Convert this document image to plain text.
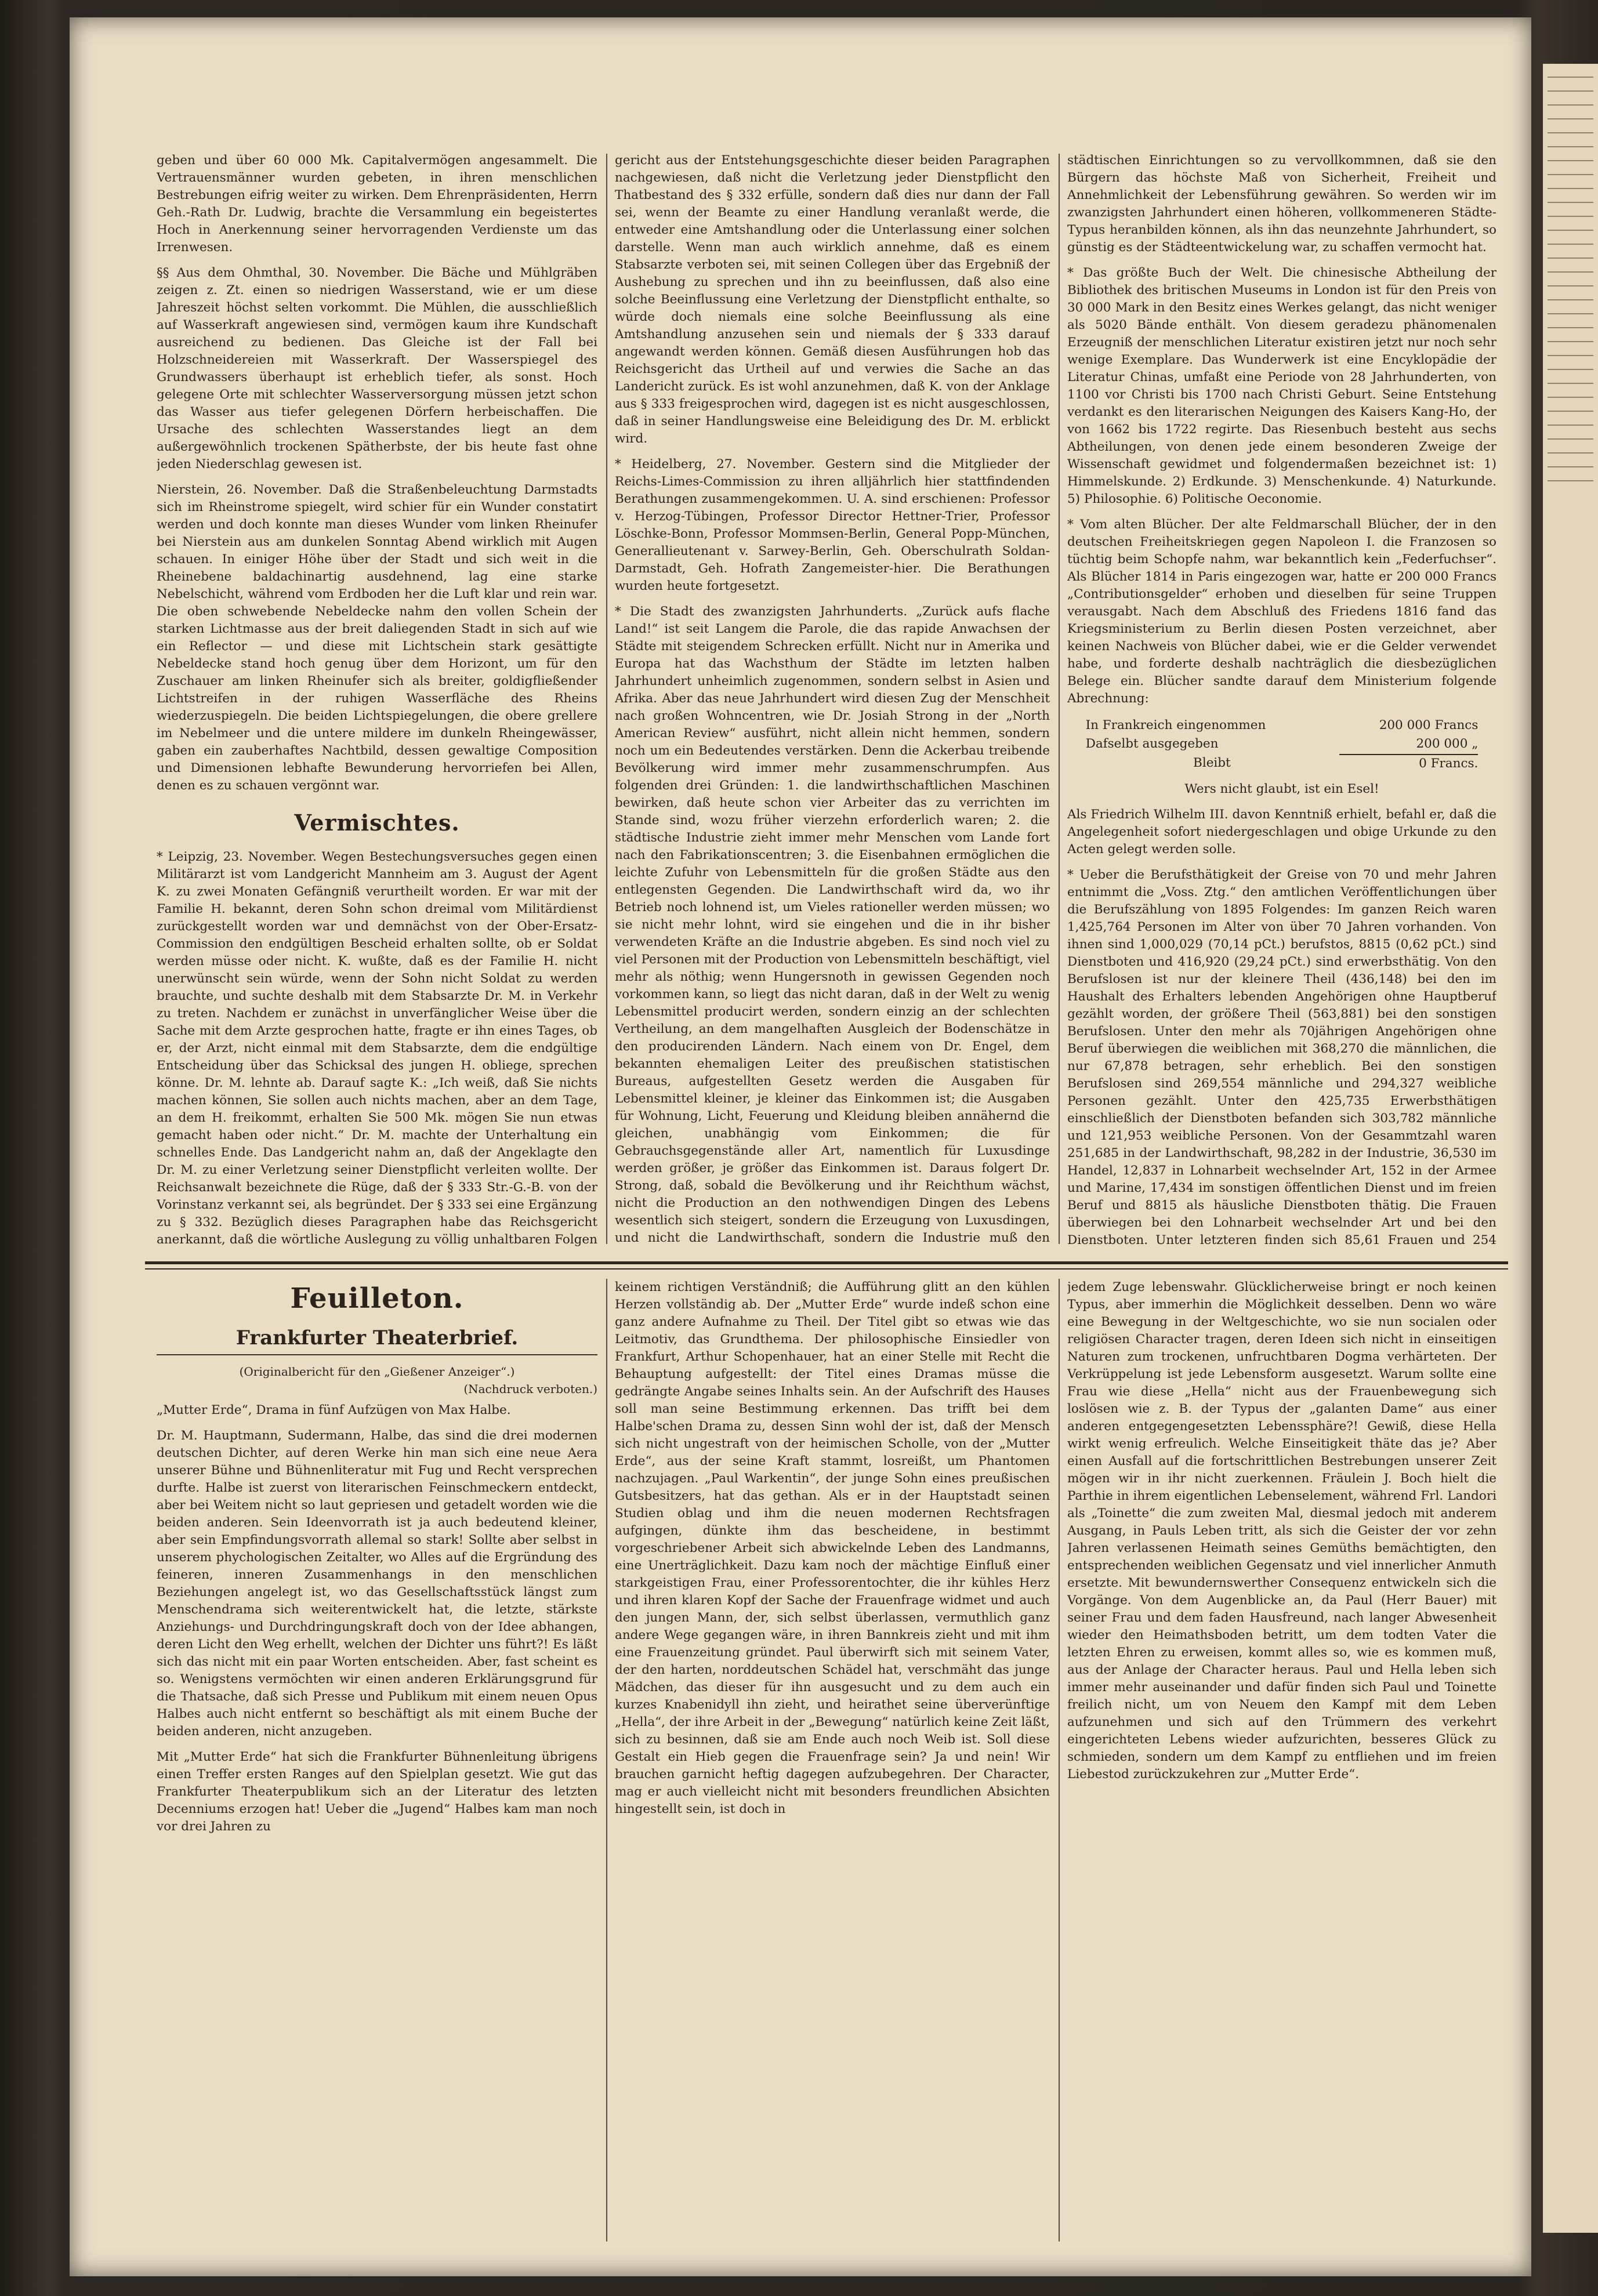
geben und über 60 000 Mk. Capitalvermögen angesammelt. Die Vertrauensmänner wurden gebeten, in ihren menschlichen Bestrebungen eifrig weiter zu wirken. Dem Ehrenpräsidenten, Herrn Geh.-Rath Dr. Ludwig, brachte die Versammlung ein begeistertes Hoch in Anerkennung seiner hervorragenden Verdienste um das Irrenwesen.

§§ Aus dem Ohmthal, 30. November. Die Bäche und Mühlgräben zeigen z. Zt. einen so niedrigen Wasserstand, wie er um diese Jahreszeit höchst selten vorkommt. Die Mühlen, die ausschließlich auf Wasserkraft angewiesen sind, vermögen kaum ihre Kundschaft ausreichend zu bedienen. Das Gleiche ist der Fall bei Holzschneidereien mit Wasserkraft. Der Wasserspiegel des Grundwassers überhaupt ist erheblich tiefer, als sonst. Hoch gelegene Orte mit schlechter Wasserversorgung müssen jetzt schon das Wasser aus tiefer gelegenen Dörfern herbeischaffen. Die Ursache des schlechten Wasserstandes liegt an dem außergewöhnlich trockenen Spätherbste, der bis heute fast ohne jeden Niederschlag gewesen ist.

Nierstein, 26. November. Daß die Straßenbeleuchtung Darmstadts sich im Rheinstrome spiegelt, wird schier für ein Wunder constatirt werden und doch konnte man dieses Wunder vom linken Rheinufer bei Nierstein aus am dunkelen Sonntag Abend wirklich mit Augen schauen. In einiger Höhe über der Stadt und sich weit in die Rheinebene baldachinartig ausdehnend, lag eine starke Nebelschicht, während vom Erdboden her die Luft klar und rein war. Die oben schwebende Nebeldecke nahm den vollen Schein der starken Lichtmasse aus der breit daliegenden Stadt in sich auf wie ein Reflector — und diese mit Lichtschein stark gesättigte Nebeldecke stand hoch genug über dem Horizont, um für den Zuschauer am linken Rheinufer sich als breiter, goldigfließender Lichtstreifen in der ruhigen Wasserfläche des Rheins wiederzuspiegeln. Die beiden Lichtspiegelungen, die obere grellere im Nebelmeer und die untere mildere im dunkeln Rheingewässer, gaben ein zauberhaftes Nachtbild, dessen gewaltige Composition und Dimensionen lebhafte Bewunderung hervorriefen bei Allen, denen es zu schauen vergönnt war.

Vermischtes.

* Leipzig, 23. November. Wegen Bestechungsversuches gegen einen Militärarzt ist vom Landgericht Mannheim am 3. August der Agent K. zu zwei Monaten Gefängniß verurtheilt worden. Er war mit der Familie H. bekannt, deren Sohn schon dreimal vom Militärdienst zurückgestellt worden war und demnächst von der Ober-Ersatz-Commission den endgültigen Bescheid erhalten sollte, ob er Soldat werden müsse oder nicht. K. wußte, daß es der Familie H. nicht unerwünscht sein würde, wenn der Sohn nicht Soldat zu werden brauchte, und suchte deshalb mit dem Stabsarzte Dr. M. in Verkehr zu treten. Nachdem er zunächst in unverfänglicher Weise über die Sache mit dem Arzte gesprochen hatte, fragte er ihn eines Tages, ob er, der Arzt, nicht einmal mit dem Stabsarzte, dem die endgültige Entscheidung über das Schicksal des jungen H. obliege, sprechen könne. Dr. M. lehnte ab. Darauf sagte K.: „Ich weiß, daß Sie nichts machen können, Sie sollen auch nichts machen, aber an dem Tage, an dem H. freikommt, erhalten Sie 500 Mk. mögen Sie nun etwas gemacht haben oder nicht.“ Dr. M. machte der Unterhaltung ein schnelles Ende. Das Landgericht nahm an, daß der Angeklagte den Dr. M. zu einer Verletzung seiner Dienstpflicht verleiten wollte. Der Reichsanwalt bezeichnete die Rüge, daß der § 333 Str.-G.-B. von der Vorinstanz verkannt sei, als begründet. Der § 333 sei eine Ergänzung zu § 332. Bezüglich dieses Paragraphen habe das Reichsgericht anerkannt, daß die wörtliche Auslegung zu völlig unhaltbaren Folgen

gericht aus der Entstehungsgeschichte dieser beiden Paragraphen nachgewiesen, daß nicht die Verletzung jeder Dienstpflicht den Thatbestand des § 332 erfülle, sondern daß dies nur dann der Fall sei, wenn der Beamte zu einer Handlung veranlaßt werde, die entweder eine Amtshandlung oder die Unterlassung einer solchen darstelle. Wenn man auch wirklich annehme, daß es einem Stabsarzte verboten sei, mit seinen Collegen über das Ergebniß der Aushebung zu sprechen und ihn zu beeinflussen, daß also eine solche Beeinflussung eine Verletzung der Dienstpflicht enthalte, so würde doch niemals eine solche Beeinflussung als eine Amtshandlung anzusehen sein und niemals der § 333 darauf angewandt werden können. Gemäß diesen Ausführungen hob das Reichsgericht das Urtheil auf und verwies die Sache an das Landericht zurück. Es ist wohl anzunehmen, daß K. von der Anklage aus § 333 freigesprochen wird, dagegen ist es nicht ausgeschlossen, daß in seiner Handlungsweise eine Beleidigung des Dr. M. erblickt wird.

* Heidelberg, 27. November. Gestern sind die Mitglieder der Reichs-Limes-Commission zu ihren alljährlich hier stattfindenden Berathungen zusammengekommen. U. A. sind erschienen: Professor v. Herzog-Tübingen, Professor Director Hettner-Trier, Professor Löschke-Bonn, Professor Mommsen-Berlin, General Popp-München, Generallieutenant v. Sarwey-Berlin, Geh. Oberschulrath Soldan-Darmstadt, Geh. Hofrath Zangemeister-hier. Die Berathungen wurden heute fortgesetzt.

* Die Stadt des zwanzigsten Jahrhunderts. „Zurück aufs flache Land!“ ist seit Langem die Parole, die das rapide Anwachsen der Städte mit steigendem Schrecken erfüllt. Nicht nur in Amerika und Europa hat das Wachsthum der Städte im letzten halben Jahrhundert unheimlich zugenommen, sondern selbst in Asien und Afrika. Aber das neue Jahrhundert wird diesen Zug der Menschheit nach großen Wohncentren, wie Dr. Josiah Strong in der „North American Review“ ausführt, nicht allein nicht hemmen, sondern noch um ein Bedeutendes verstärken. Denn die Ackerbau treibende Bevölkerung wird immer mehr zusammenschrumpfen. Aus folgenden drei Gründen: 1. die landwirthschaftlichen Maschinen bewirken, daß heute schon vier Arbeiter das zu verrichten im Stande sind, wozu früher vierzehn erforderlich waren; 2. die städtische Industrie zieht immer mehr Menschen vom Lande fort nach den Fabrikationscentren; 3. die Eisenbahnen ermöglichen die leichte Zufuhr von Lebensmitteln für die großen Städte aus den entlegensten Gegenden. Die Landwirthschaft wird da, wo ihr Betrieb noch lohnend ist, um Vieles rationeller werden müssen; wo sie nicht mehr lohnt, wird sie eingehen und die in ihr bisher verwendeten Kräfte an die Industrie abgeben. Es sind noch viel zu viel Personen mit der Production von Lebensmitteln beschäftigt, viel mehr als nöthig; wenn Hungersnoth in gewissen Gegenden noch vorkommen kann, so liegt das nicht daran, daß in der Welt zu wenig Lebensmittel producirt werden, sondern einzig an der schlechten Vertheilung, an dem mangelhaften Ausgleich der Bodenschätze in den producirenden Ländern. Nach einem von Dr. Engel, dem bekannten ehemaligen Leiter des preußischen statistischen Bureaus, aufgestellten Gesetz werden die Ausgaben für Lebensmittel kleiner, je kleiner das Einkommen ist; die Ausgaben für Wohnung, Licht, Feuerung und Kleidung bleiben annähernd die gleichen, unabhängig vom Einkommen; die für Gebrauchsgegenstände aller Art, namentlich für Luxusdinge werden größer, je größer das Einkommen ist. Daraus folgert Dr. Strong, daß, sobald die Bevölkerung und ihr Reichthum wächst, nicht die Production an den nothwendigen Dingen des Lebens wesentlich sich steigert, sondern die Erzeugung von Luxusdingen, und nicht die Landwirthschaft, sondern die Industrie muß den

städtischen Einrichtungen so zu vervollkommnen, daß sie den Bürgern das höchste Maß von Sicherheit, Freiheit und Annehmlichkeit der Lebensführung gewähren. So werden wir im zwanzigsten Jahrhundert einen höheren, vollkommeneren Städte-Typus heranbilden können, als ihn das neunzehnte Jahrhundert, so günstig es der Städteentwickelung war, zu schaffen vermocht hat.

* Das größte Buch der Welt. Die chinesische Abtheilung der Bibliothek des britischen Museums in London ist für den Preis von 30 000 Mark in den Besitz eines Werkes gelangt, das nicht weniger als 5020 Bände enthält. Von diesem geradezu phänomenalen Erzeugniß der menschlichen Literatur existiren jetzt nur noch sehr wenige Exemplare. Das Wunderwerk ist eine Encyklopädie der Literatur Chinas, umfaßt eine Periode von 28 Jahrhunderten, von 1100 vor Christi bis 1700 nach Christi Geburt. Seine Entstehung verdankt es den literarischen Neigungen des Kaisers Kang-Ho, der von 1662 bis 1722 regirte. Das Riesenbuch besteht aus sechs Abtheilungen, von denen jede einem besonderen Zweige der Wissenschaft gewidmet und folgendermaßen bezeichnet ist: 1) Himmelskunde. 2) Erdkunde. 3) Menschenkunde. 4) Naturkunde. 5) Philosophie. 6) Politische Oeconomie.

* Vom alten Blücher. Der alte Feldmarschall Blücher, der in den deutschen Freiheitskriegen gegen Napoleon I. die Franzosen so tüchtig beim Schopfe nahm, war bekanntlich kein „Federfuchser“. Als Blücher 1814 in Paris eingezogen war, hatte er 200 000 Francs „Contributionsgelder“ erhoben und dieselben für seine Truppen verausgabt. Nach dem Abschluß des Friedens 1816 fand das Kriegsministerium zu Berlin diesen Posten verzeichnet, aber keinen Nachweis von Blücher dabei, wie er die Gelder verwendet habe, und forderte deshalb nachträglich die diesbezüglichen Belege ein. Blücher sandte darauf dem Ministerium folgende Abrechnung:

In Frankreich eingenommen	200 000 Francs
Dafselbt ausgegeben	200 000 „
Bleibt	0 Francs.

Wers nicht glaubt, ist ein Esel!

Als Friedrich Wilhelm III. davon Kenntniß erhielt, befahl er, daß die Angelegenheit sofort niedergeschlagen und obige Urkunde zu den Acten gelegt werden solle.

* Ueber die Berufsthätigkeit der Greise von 70 und mehr Jahren entnimmt die „Voss. Ztg.“ den amtlichen Veröffentlichungen über die Berufszählung von 1895 Folgendes: Im ganzen Reich waren 1,425,764 Personen im Alter von über 70 Jahren vorhanden. Von ihnen sind 1,000,029 (70,14 pCt.) berufstos, 8815 (0,62 pCt.) sind Dienstboten und 416,920 (29,24 pCt.) sind erwerbsthätig. Von den Berufslosen ist nur der kleinere Theil (436,148) bei den im Haushalt des Erhalters lebenden Angehörigen ohne Hauptberuf gezählt worden, der größere Theil (563,881) bei den sonstigen Berufslosen. Unter den mehr als 70jährigen Angehörigen ohne Beruf überwiegen die weiblichen mit 368,270 die männlichen, die nur 67,878 betragen, sehr erheblich. Bei den sonstigen Berufslosen sind 269,554 männliche und 294,327 weibliche Personen gezählt. Unter den 425,735 Erwerbsthätigen einschließlich der Dienstboten befanden sich 303,782 männliche und 121,953 weibliche Personen. Von der Gesammtzahl waren 251,685 in der Landwirthschaft, 98,282 in der Industrie, 36,530 im Handel, 12,837 in Lohnarbeit wechselnder Art, 152 in der Armee und Marine, 17,434 im sonstigen öffentlichen Dienst und im freien Beruf und 8815 als häusliche Dienstboten thätig. Die Frauen überwiegen bei den Lohnarbeit wechselnder Art und bei den Dienstboten. Unter letzteren finden sich 85,61 Frauen und 254

Feuilleton.
Frankfurter Theaterbrief.
(Originalbericht für den „Gießener Anzeiger“.)
(Nachdruck verboten.)

„Mutter Erde“, Drama in fünf Aufzügen von Max Halbe.

Dr. M. Hauptmann, Sudermann, Halbe, das sind die drei modernen deutschen Dichter, auf deren Werke hin man sich eine neue Aera unserer Bühne und Bühnenliteratur mit Fug und Recht versprechen durfte. Halbe ist zuerst von literarischen Feinschmeckern entdeckt, aber bei Weitem nicht so laut gepriesen und getadelt worden wie die beiden anderen. Sein Ideenvorrath ist ja auch bedeutend kleiner, aber sein Empfindungsvorrath allemal so stark! Sollte aber selbst in unserem phychologischen Zeitalter, wo Alles auf die Ergründung des feineren, inneren Zusammenhangs in den menschlichen Beziehungen angelegt ist, wo das Gesellschaftsstück längst zum Menschendrama sich weiterentwickelt hat, die letzte, stärkste Anziehungs- und Durchdringungskraft doch von der Idee abhangen, deren Licht den Weg erhellt, welchen der Dichter uns führt?! Es läßt sich das nicht mit ein paar Worten entscheiden. Aber, fast scheint es so. Wenigstens vermöchten wir einen anderen Erklärungsgrund für die Thatsache, daß sich Presse und Publikum mit einem neuen Opus Halbes auch nicht entfernt so beschäftigt als mit einem Buche der beiden anderen, nicht anzugeben.

Mit „Mutter Erde“ hat sich die Frankfurter Bühnenleitung übrigens einen Treffer ersten Ranges auf den Spielplan gesetzt. Wie gut das Frankfurter Theaterpublikum sich an der Literatur des letzten Decenniums erzogen hat! Ueber die „Jugend“ Halbes kam man noch vor drei Jahren zu

keinem richtigen Verständniß; die Aufführung glitt an den kühlen Herzen vollständig ab. Der „Mutter Erde“ wurde indeß schon eine ganz andere Aufnahme zu Theil. Der Titel gibt so etwas wie das Leitmotiv, das Grundthema. Der philosophische Einsiedler von Frankfurt, Arthur Schopenhauer, hat an einer Stelle mit Recht die Behauptung aufgestellt: der Titel eines Dramas müsse die gedrängte Angabe seines Inhalts sein. An der Aufschrift des Hauses soll man seine Bestimmung erkennen. Das trifft bei dem Halbe'schen Drama zu, dessen Sinn wohl der ist, daß der Mensch sich nicht ungestraft von der heimischen Scholle, von der „Mutter Erde“, aus der seine Kraft stammt, losreißt, um Phantomen nachzujagen. „Paul Warkentin“, der junge Sohn eines preußischen Gutsbesitzers, hat das gethan. Als er in der Hauptstadt seinen Studien oblag und ihm die neuen modernen Rechtsfragen aufgingen, dünkte ihm das bescheidene, in bestimmt vorgeschriebener Arbeit sich abwickelnde Leben des Landmanns, eine Unerträglichkeit. Dazu kam noch der mächtige Einfluß einer starkgeistigen Frau, einer Professorentochter, die ihr kühles Herz und ihren klaren Kopf der Sache der Frauenfrage widmet und auch den jungen Mann, der, sich selbst überlassen, vermuthlich ganz andere Wege gegangen wäre, in ihren Bannkreis zieht und mit ihm eine Frauenzeitung gründet. Paul überwirft sich mit seinem Vater, der den harten, norddeutschen Schädel hat, verschmäht das junge Mädchen, das dieser für ihn ausgesucht und zu dem auch ein kurzes Knabenidyll ihn zieht, und heirathet seine überverünftige „Hella“, der ihre Arbeit in der „Bewegung“ natürlich keine Zeit läßt, sich zu besinnen, daß sie am Ende auch noch Weib ist. Soll diese Gestalt ein Hieb gegen die Frauenfrage sein? Ja und nein! Wir brauchen garnicht heftig dagegen aufzubegehren. Der Character, mag er auch vielleicht nicht mit besonders freundlichen Absichten hingestellt sein, ist doch in

jedem Zuge lebenswahr. Glücklicherweise bringt er noch keinen Typus, aber immerhin die Möglichkeit desselben. Denn wo wäre eine Bewegung in der Weltgeschichte, wo sie nun socialen oder religiösen Character tragen, deren Ideen sich nicht in einseitigen Naturen zum trockenen, unfruchtbaren Dogma verhärteten. Der Verkrüppelung ist jede Lebensform ausgesetzt. Warum sollte eine Frau wie diese „Hella“ nicht aus der Frauenbewegung sich loslösen wie z. B. der Typus der „galanten Dame“ aus einer anderen entgegengesetzten Lebenssphäre?! Gewiß, diese Hella wirkt wenig erfreulich. Welche Einseitigkeit thäte das je? Aber einen Ausfall auf die fortschrittlichen Bestrebungen unserer Zeit mögen wir in ihr nicht zuerkennen. Fräulein J. Boch hielt die Parthie in ihrem eigentlichen Lebenselement, während Frl. Landori als „Toinette“ die zum zweiten Mal, diesmal jedoch mit anderem Ausgang, in Pauls Leben tritt, als sich die Geister der vor zehn Jahren verlassenen Heimath seines Gemüths bemächtigten, den entsprechenden weiblichen Gegensatz und viel innerlicher Anmuth ersetzte. Mit bewundernswerther Consequenz entwickeln sich die Vorgänge. Von dem Augenblicke an, da Paul (Herr Bauer) mit seiner Frau und dem faden Hausfreund, nach langer Abwesenheit wieder den Heimathsboden betritt, um dem todten Vater die letzten Ehren zu erweisen, kommt alles so, wie es kommen muß, aus der Anlage der Character heraus. Paul und Hella leben sich immer mehr auseinander und dafür finden sich Paul und Toinette freilich nicht, um von Neuem den Kampf mit dem Leben aufzunehmen und sich auf den Trümmern des verkehrt eingerichteten Lebens wieder aufzurichten, besseres Glück zu schmieden, sondern um dem Kampf zu entfliehen und im freien Liebestod zurückzukehren zur „Mutter Erde“.
